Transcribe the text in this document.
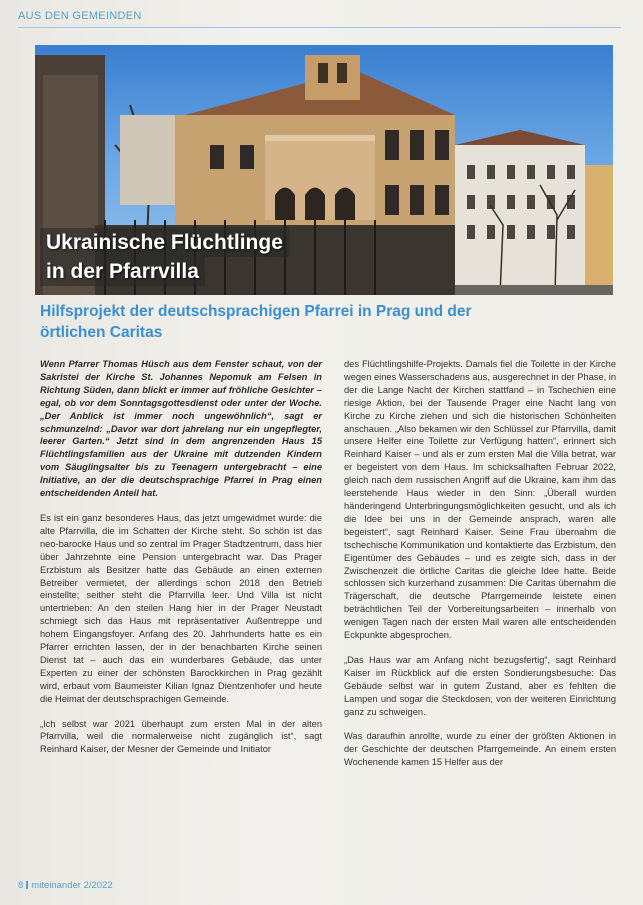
AUS DEN GEMEINDEN
Ukrainische Flüchtlinge
in der Pfarrvilla
Hilfsprojekt der deutschsprachigen Pfarrei in Prag und der
örtlichen Caritas

Wenn Pfarrer Thomas Hüsch aus dem Fenster schaut, von der Sakristei der Kirche St. Johannes Nepomuk am Felsen in Richtung Süden, dann blickt er immer auf fröhliche Gesichter – egal, ob vor dem Sonntagsgottesdienst oder unter der Woche. „Der Anblick ist immer noch ungewöhnlich“, sagt er schmunzelnd: „Davor war dort jahrelang nur ein ungepflegter, leerer Garten.“ Jetzt sind in dem angrenzenden Haus 15 Flüchtlingsfamilien aus der Ukraine mit dutzenden Kindern vom Säuglingsalter bis zu Teenagern untergebracht – eine Initiative, an der die deutschsprachige Pfarrei in Prag einen entscheidenden Anteil hat.

Es ist ein ganz besonderes Haus, das jetzt umgewidmet wurde: die alte Pfarrvilla, die im Schatten der Kirche steht. So schön ist das neo-barocke Haus und so zentral im Prager Stadtzentrum, dass hier über Jahrzehnte eine Pension untergebracht war. Das Prager Erzbistum als Besitzer hatte das Gebäude an einen externen Betreiber vermietet, der allerdings schon 2018 den Betrieb einstellte; seither steht die Pfarrvilla leer. Und Villa ist nicht untertrieben: An den steilen Hang hier in der Prager Neustadt schmiegt sich das Haus mit repräsentativer Außentreppe und hohem Eingangsfoyer. Anfang des 20. Jahrhunderts hatte es ein Pfarrer errichten lassen, der in der benachbarten Kirche seinen Dienst tat – auch das ein wunderbares Gebäude, das unter Experten zu einer der schönsten Barockkirchen in Prag gezählt wird, erbaut vom Baumeister Kilian Ignaz Dientzenhofer und heute die Heimat der deutschsprachigen Gemeinde.

„Ich selbst war 2021 überhaupt zum ersten Mal in der alten Pfarrvilla, weil die normalerweise nicht zugänglich ist“, sagt Reinhard Kaiser, der Mesner der Gemeinde und Initiator

des Flüchtlingshilfe-Projekts. Damals fiel die Toilette in der Kirche wegen eines Wasserschadens aus, ausgerechnet in der Phase, in der die Lange Nacht der Kirchen stattfand – in Tschechien eine riesige Aktion, bei der Tausende Prager eine Nacht lang von Kirche zu Kirche ziehen und sich die historischen Schönheiten anschauen. „Also bekamen wir den Schlüssel zur Pfarrvilla, damit unsere Helfer eine Toilette zur Verfügung hatten“, erinnert sich Reinhard Kaiser – und als er zum ersten Mal die Villa betrat, war er begeistert von dem Haus. Im schicksalhaften Februar 2022, gleich nach dem russischen Angriff auf die Ukraine, kam ihm das leerstehende Haus wieder in den Sinn: „Überall wurden händeringend Unterbringungsmöglichkeiten gesucht, und als ich die Idee bei uns in der Gemeinde ansprach, waren alle begeistert“, sagt Reinhard Kaiser. Seine Frau übernahm die tschechische Kommunikation und kontaktierte das Erzbistum, den Eigentümer des Gebäudes – und es zeigte sich, dass in der Zwischenzeit die örtliche Caritas die gleiche Idee hatte. Beide schlossen sich kurzerhand zusammen: Die Caritas übernahm die Trägerschaft, die deutsche Pfarrgemeinde leistete einen beträchtlichen Teil der Vorbereitungsarbeiten – innerhalb von wenigen Tagen nach der ersten Mail waren alle entscheidenden Eckpunkte abgesprochen.

„Das Haus war am Anfang nicht bezugsfertig“, sagt Reinhard Kaiser im Rückblick auf die ersten Sondierungsbesuche: Das Gebäude selbst war in gutem Zustand, aber es fehlten die Lampen und sogar die Steckdosen, von der weiteren Einrichtung ganz zu schweigen.

Was daraufhin anrollte, wurde zu einer der größten Aktionen in der Geschichte der deutschen Pfarrgemeinde. An einem ersten Wochenende kamen 15 Helfer aus der

8 miteinander 2/2022
